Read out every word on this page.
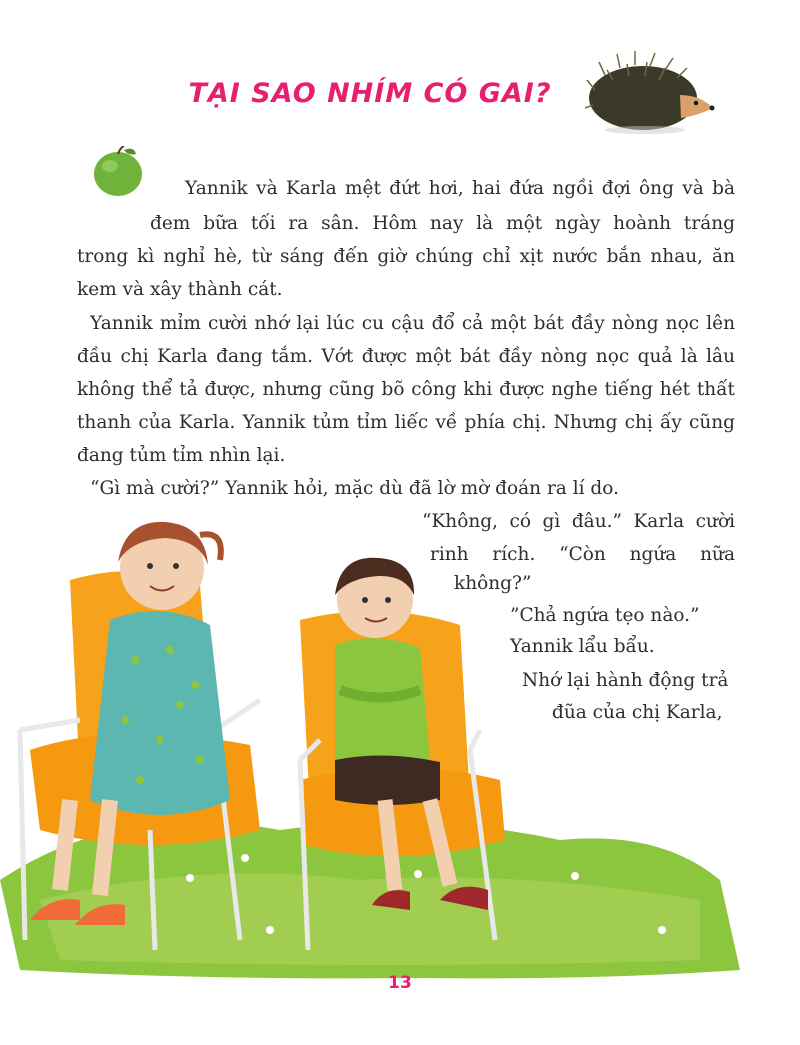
TẠI SAO NHÍM CÓ GAI?
Yannik và Karla mệt đứt hơi, hai đứa ngồi đợi ông và bà
đem bữa tối ra sân. Hôm nay là một ngày hoành tráng
trong kì nghỉ hè, từ sáng đến giờ chúng chỉ xịt nước bắn nhau, ăn
kem và xây thành cát.
Yannik mỉm cười nhớ lại lúc cu cậu đổ cả một bát đầy nòng nọc lên
đầu chị Karla đang tắm. Vớt được một bát đầy nòng nọc quả là lâu
không thể tả được, nhưng cũng bõ công khi được nghe tiếng hét thất
thanh của Karla. Yannik tủm tỉm liếc về phía chị. Nhưng chị ấy cũng
đang tủm tỉm nhìn lại.
“Gì mà cười?” Yannik hỏi, mặc dù đã lờ mờ đoán ra lí do.
“Không, có gì đâu.” Karla cười
rinh rích. “Còn ngứa nữa
không?”
”Chả ngứa tẹo nào.”
Yannik lẩu bẩu.
Nhớ lại hành động trả
đũa của chị Karla,
13
